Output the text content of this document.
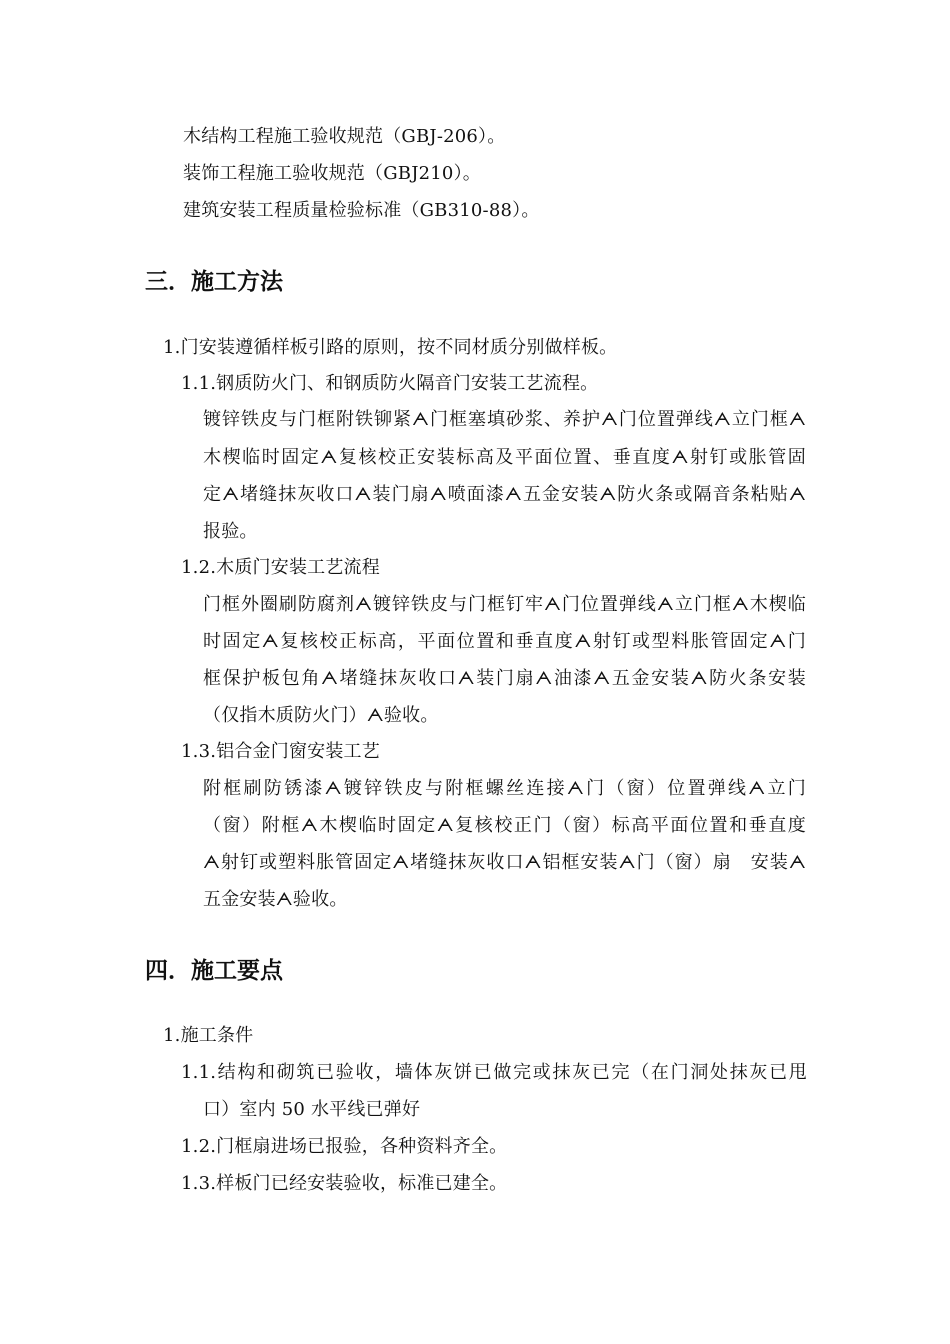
木结构工程施工验收规范（GBJ-206）。
装饰工程施工验收规范（GBJ210）。
建筑安装工程质量检验标准（GB310-88）。
三．施工方法
1.门安装遵循样板引路的原则，按不同材质分别做样板。
1.1.钢质防火门、和钢质防火隔音门安装工艺流程。
镀锌铁皮与门框附铁铆紧ᗅ门框塞填砂浆、养护ᗅ门位置弹线ᗅ立门框ᗅ
木楔临时固定ᗅ复核校正安装标高及平面位置、垂直度ᗅ射钉或胀管固
定ᗅ堵缝抹灰收口ᗅ装门扇ᗅ喷面漆ᗅ五金安装ᗅ防火条或隔音条粘贴ᗅ
报验。
1.2.木质门安装工艺流程
门框外圈刷防腐剂ᗅ镀锌铁皮与门框钉牢ᗅ门位置弹线ᗅ立门框ᗅ木楔临
时固定ᗅ复核校正标高，平面位置和垂直度ᗅ射钉或型料胀管固定ᗅ门
框保护板包角ᗅ堵缝抹灰收口ᗅ装门扇ᗅ油漆ᗅ五金安装ᗅ防火条安装
（仅指木质防火门）ᗅ验收。
1.3.铝合金门窗安装工艺
附框刷防锈漆ᗅ镀锌铁皮与附框螺丝连接ᗅ门（窗）位置弹线ᗅ立门
（窗）附框ᗅ木楔临时固定ᗅ复核校正门（窗）标高平面位置和垂直度
ᗅ射钉或塑料胀管固定ᗅ堵缝抹灰收口ᗅ铝框安装ᗅ门（窗）扇　安装ᗅ
五金安装ᗅ验收。
四．施工要点
1.施工条件
1.1.结构和砌筑已验收，墙体灰饼已做完或抹灰已完（在门洞处抹灰已甩
口）室内 50 水平线已弹好
1.2.门框扇进场已报验，各种资料齐全。
1.3.样板门已经安装验收，标准已建全。
